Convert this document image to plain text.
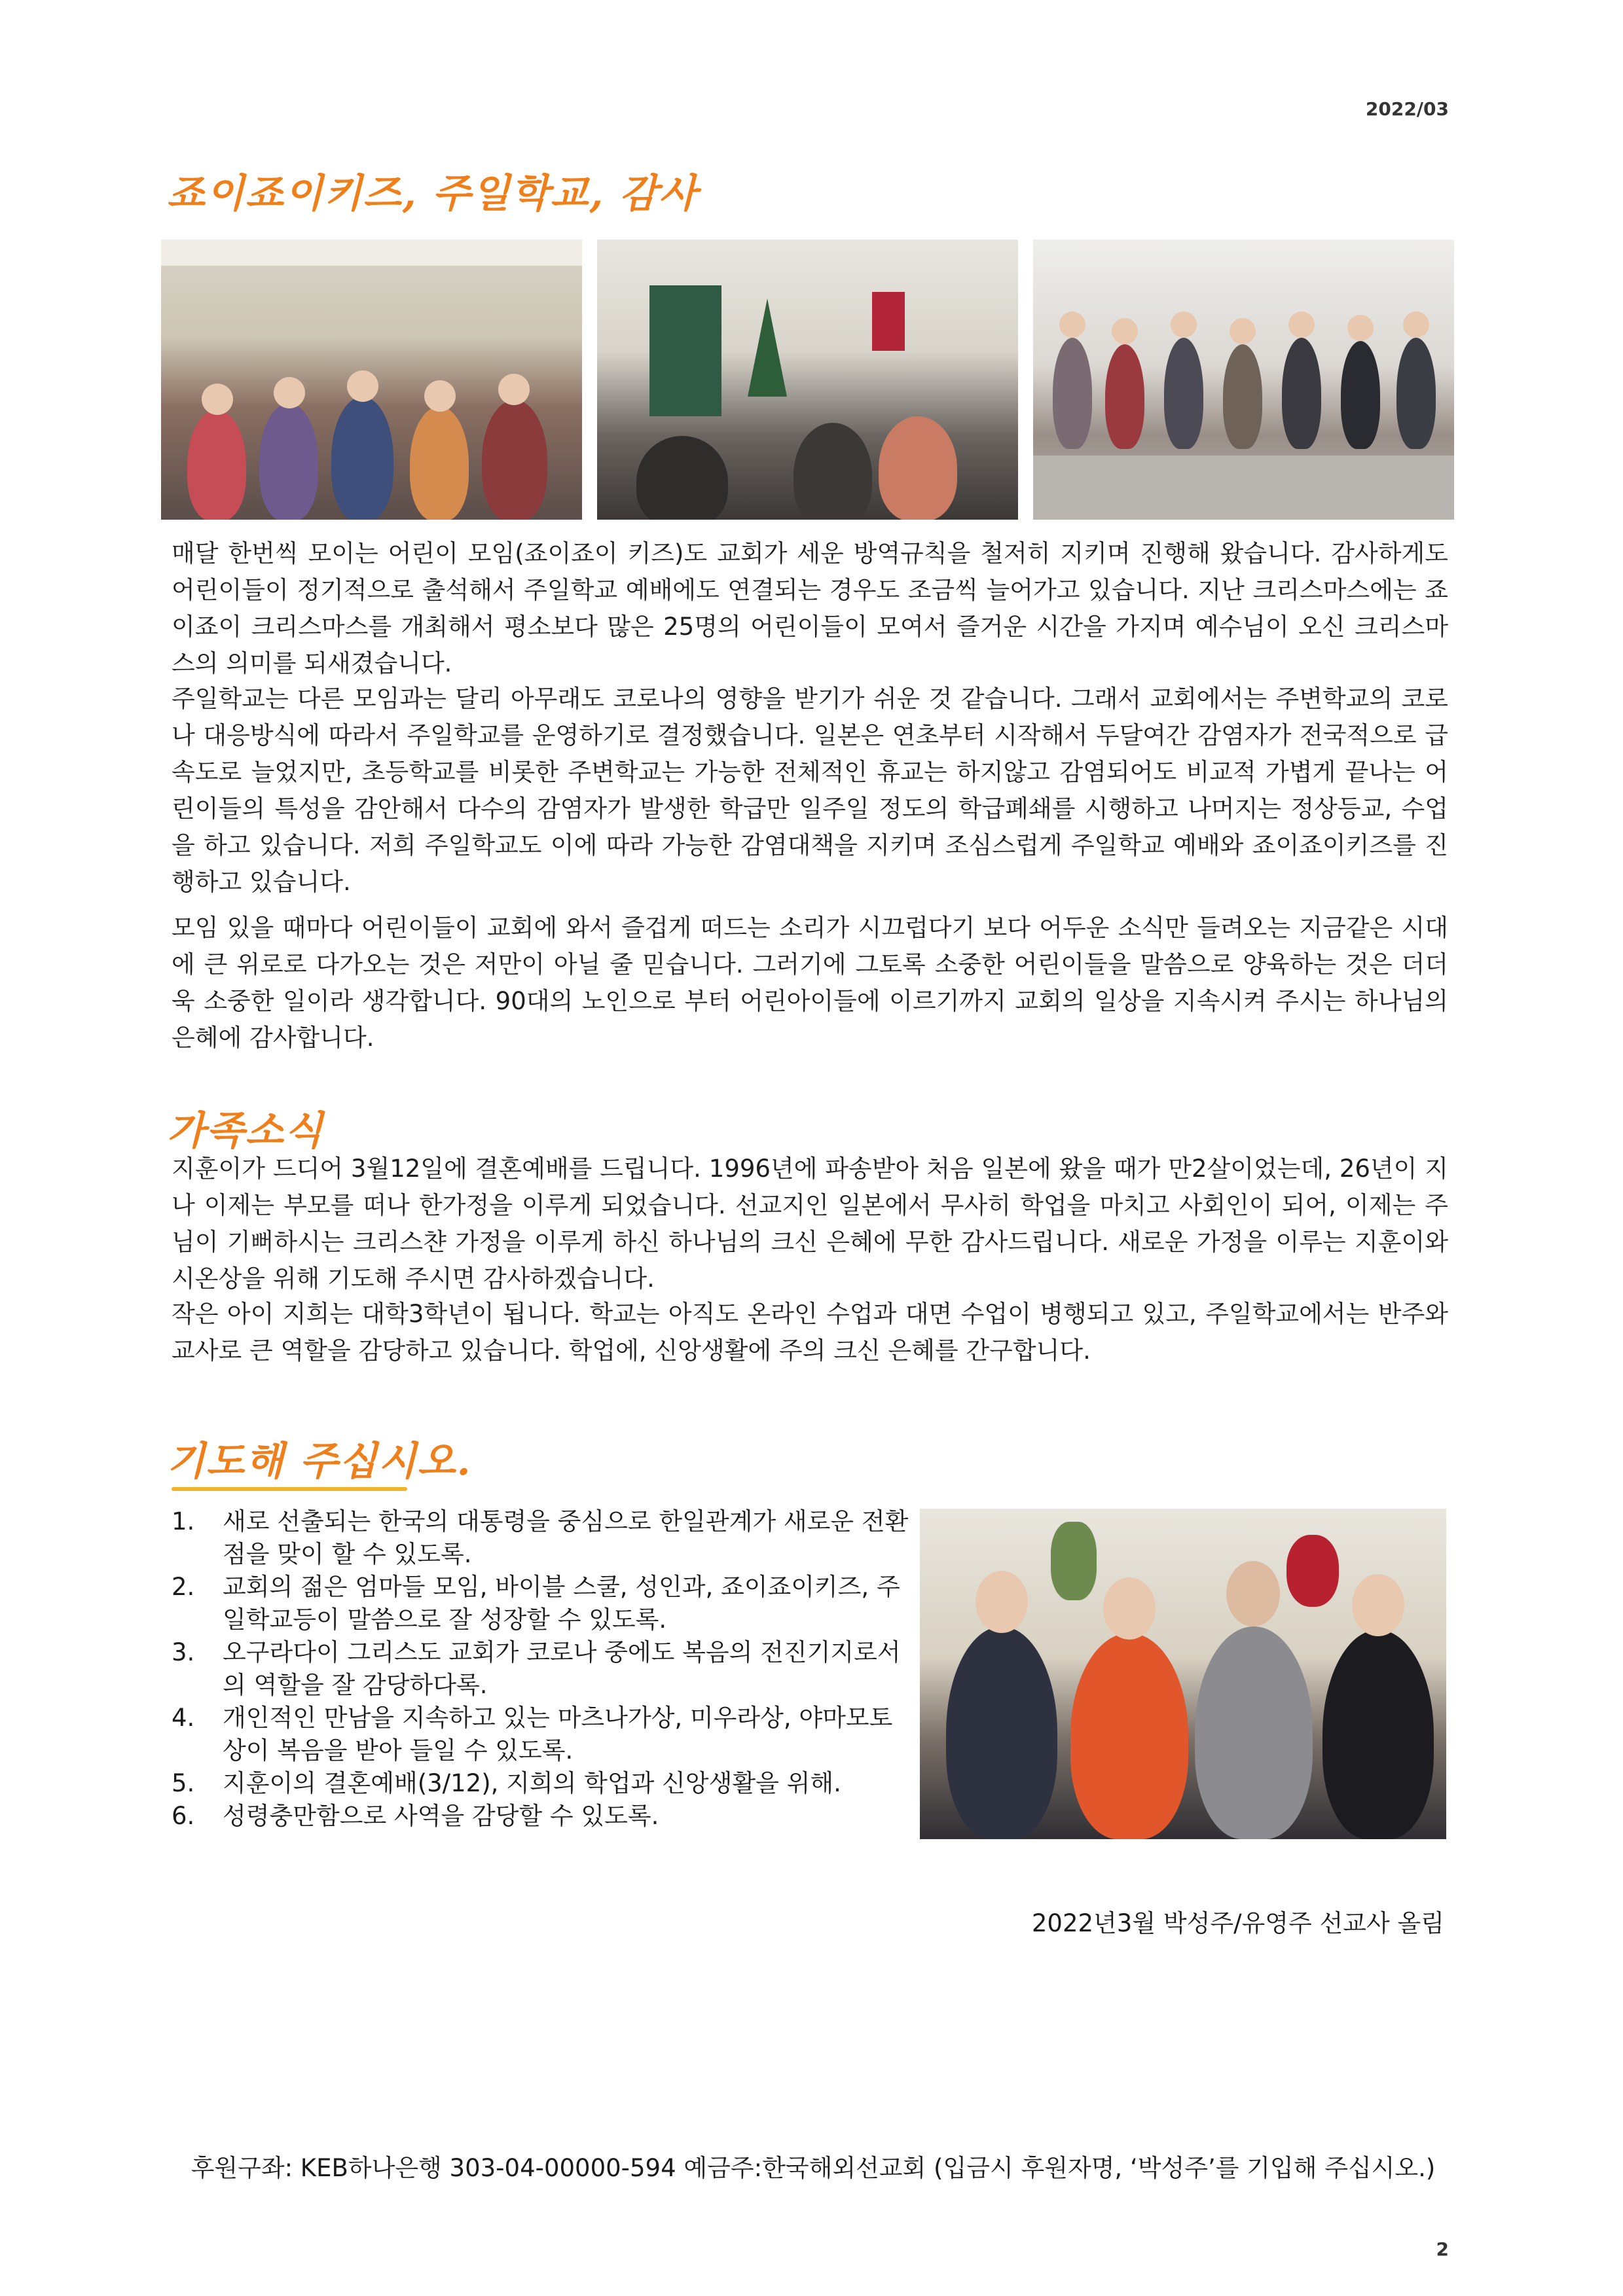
2022/03
죠이죠이키즈, 주일학교, 감사

매달 한번씩 모이는 어린이 모임(죠이죠이 키즈)도 교회가 세운 방역규칙을 철저히 지키며 진행해 왔습니다. 감사하게도 어린이들이 정기적으로 출석해서 주일학교 예배에도 연결되는 경우도 조금씩 늘어가고 있습니다. 지난 크리스마스에는 죠이죠이 크리스마스를 개최해서 평소보다 많은 25명의 어린이들이 모여서 즐거운 시간을 가지며 예수님이 오신 크리스마스의 의미를 되새겼습니다.

주일학교는 다른 모임과는 달리 아무래도 코로나의 영향을 받기가 쉬운 것 같습니다. 그래서 교회에서는 주변학교의 코로나 대응방식에 따라서 주일학교를 운영하기로 결정했습니다. 일본은 연초부터 시작해서 두달여간 감염자가 전국적으로 급속도로 늘었지만, 초등학교를 비롯한 주변학교는 가능한 전체적인 휴교는 하지않고 감염되어도 비교적 가볍게 끝나는 어린이들의 특성을 감안해서 다수의 감염자가 발생한 학급만 일주일 정도의 학급폐쇄를 시행하고 나머지는 정상등교, 수업을 하고 있습니다. 저희 주일학교도 이에 따라 가능한 감염대책을 지키며 조심스럽게 주일학교 예배와 죠이죠이키즈를 진행하고 있습니다.

모임 있을 때마다 어린이들이 교회에 와서 즐겁게 떠드는 소리가 시끄럽다기 보다 어두운 소식만 들려오는 지금같은 시대에 큰 위로로 다가오는 것은 저만이 아닐 줄 믿습니다. 그러기에 그토록 소중한 어린이들을 말씀으로 양육하는 것은 더더욱 소중한 일이라 생각합니다. 90대의 노인으로 부터 어린아이들에 이르기까지 교회의 일상을 지속시켜 주시는 하나님의 은혜에 감사합니다.

가족소식

지훈이가 드디어 3월12일에 결혼예배를 드립니다. 1996년에 파송받아 처음 일본에 왔을 때가 만2살이었는데, 26년이 지나 이제는 부모를 떠나 한가정을 이루게 되었습니다. 선교지인 일본에서 무사히 학업을 마치고 사회인이 되어, 이제는 주님이 기뻐하시는 크리스챤 가정을 이루게 하신 하나님의 크신 은혜에 무한 감사드립니다. 새로운 가정을 이루는 지훈이와 시온상을 위해 기도해 주시면 감사하겠습니다.

작은 아이 지희는 대학3학년이 됩니다. 학교는 아직도 온라인 수업과 대면 수업이 병행되고 있고, 주일학교에서는 반주와 교사로 큰 역할을 감당하고 있습니다. 학업에, 신앙생활에 주의 크신 은혜를 간구합니다.

기도해 주십시오.
1.	새로 선출되는 한국의 대통령을 중심으로 한일관계가 새로운 전환점을 맞이 할 수 있도록.
2.	교회의 젊은 엄마들 모임, 바이블 스쿨, 성인과, 죠이죠이키즈, 주일학교등이 말씀으로 잘 성장할 수 있도록.
3.	오구라다이 그리스도 교회가 코로나 중에도 복음의 전진기지로서의 역할을 잘 감당하다록.
4.	개인적인 만남을 지속하고 있는 마츠나가상, 미우라상, 야마모토상이 복음을 받아 들일 수 있도록.
5.	지훈이의 결혼예배(3/12), 지희의 학업과 신앙생활을 위해.
6.	성령충만함으로 사역을 감당할 수 있도록.
2022년3월 박성주/유영주 선교사 올림
후원구좌: KEB하나은행 303-04-00000-594 예금주:한국해외선교회 (입금시 후원자명, ‘박성주’를 기입해 주십시오.)
2
